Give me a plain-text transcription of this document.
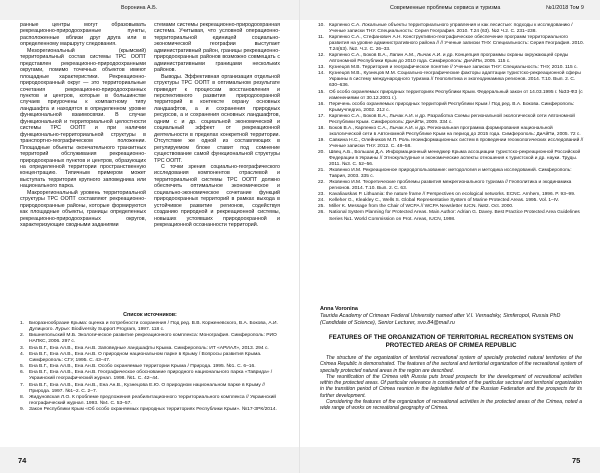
Воронина А.Б.

ранные центры могут образовывать рекреационно-природоохранные пункты, расположенные вблизи друг друга или в определенному маршруту следования.

Мезорегиональный (крымский) территориальный состав системы ТРС ООПТ представлен рекреационно-природоохранными округами, помимо точечных объектов имеют площадные характеристики. Рекреационно-природоохранный округ — это территориальные сочетания рекреационно-природоохранных пунктов и центров, которые в большинстве случаев приурочены к компактному типу ландшафта и находятся в определенном уровне функциональной взаимосвязи. В случае функциональной и территориальной целостности системы ТРС ООПТ и при наличии функционально-территориальной структуры в транспортно-географическом положении. Площадные объекты окончательного транзитных территорий обслуживания рекреационно-природоохранных пунктов и центров, образующих на определенной территории пространственную концентрацию. Типичным примером может выступать территория крупного заповедника или национального парка.

Макрорегиональный уровень территориальной структуры ТРС ООПТ составляют рекреационно-природоохранные районы, которые формируются как площадные объекты, границы определенных рекреационно-природоохранных округов, характеризующие сводными заданиями

стемами системы рекреационно-природоохранная система. Учитывая, что условной операционно-территориальной единицей социально-экономической географии выступает административный район, границы рекреационно-природоохранных районов возможно совмещать с административными границами нескольких районов.

Выводы. Эффективная организация отдельной структуры ТРС ООПТ в оптимальном результате приведет к процессам восстановления и перспективного развития природоохранной территорий в контексте охрану основных ландшафтов, а и сохранения природных ресурсов, а и сохранения основных ландшафтов, одним с и др. социальной экономической и социальный эффект от рекреационной деятельности в пределах конкретной территории. Отсутствие же одной из составляющих в регулируемом блоке ставит под сомнение существование самой функциональной структуры ТРС ООПТ.

С точки зрения социально-географического исследования компонентов отраслевой и территориальной системы ТРС ООПТ должно обеспечить оптимальное экономическое и социально-экономическое сочетание функций природоохранных территорий в рамках выхода в устойчивое развитие регионов, содействуя созданию природной и рекреационной системы, новыших устоявших природоохранной и рекреационной осознанности территорий.

Список источников:
1.	Биоразнообразие Крыма: оценка и потребности сохранения / Под ред. В.В. Корженевского, В.А. Бокова, А.И. Дулицкого. Лурье: Biodiversity Support Program, 1997. 118 с.
2.	Вишнепольский М.Б. Экологическое развитие рекреационного комплекса: Монография. Симферополь: РИО НАПКС, 2006. 297 с.
3.	Ена В.Г., Ена Ал.В., Ена Ан.В. Заповедные ландшафты Крыма. Симферополь: ИТ «АРИАЛ», 2013. 294 с.
4.	Ена В.Г., Ена Ал.В., Ена Ан.В. О природном национальном парке в Крыму / Вопросы развития Крыма. Симферополь: СГУ, 1995. С. 43–47.
5.	Ена В.Г., Ена Ал.В., Ена Ан.В. Особо охраняемые территории Крыма / Природа. 1995. №1. С. 6–16.
6.	Ена В.Г., Ена Ал.В., Ена Ан.В. Географическое обоснование природного национального парка «Таврида» / Украинский географический журнал. 1998. №1. С. 42–44.
7.	Ена В.Г., Ена Ал.В., Ена Ан.В., Ена Ан.В., Кузнецова Е.Ю. О природном национальном парке в Крыму // Природа. 1997. №1–2. С. 2–7.
8.	Жидуновская Л.О. К проблеме предложения реабилитационного территориального комплекса // Украинский географический журнал. 1993. №4. С. 53–57.
9.	Закон Республики Крым «Об особо охраняемых природных территориях Республики Крым». №17-ЗРК/2014.
74
Современные проблемы сервиса и туризма	№1/2018 Том 9
10. Карпенко С.А. Локальные объекты территориального управления и как лесистые: подходы к исследованию / Ученые записки ТНУ. Специальность: Серия География. 2010. Т.24 (63). №2 Ч.2. С. 231–238.
11. Карпенко С.А., Стефанович А.Н. Конструктивно-географическое обеспечение программ территориального развития на уровне административного района // // Ученые записки ТНУ. Специальность: Серия География. 2010. Т.24(63). №2. Ч.2. С. 26–33.
12. Карпенко С.А., Боков В.А., Лапин А.М., Лычак А.И. и др. Концепция программы охраны окружающей среды Автономной Республики Крым до 2010 года. Симферополь: ДиАйПи, 2005. 115 с.
13. Кузнецов М.В. Территория и географическое понятие // Ученые записки ТНУ: Специальность: ТНУ, 2010. 115 с.
14. Кузнецов М.В., Кузнецов М.М. Социально-географические факторы адаптации туристско-рекреационной сферы Украины в систему международного туризма // Геополитика и экогеодинамика регионов. 2014. Т.10. Вып. 2. С. 630–636.
15. Об особо охраняемых природных территориях Республики Крым. Федеральный закон от 14.03.1995 г. №33-ФЗ (с изменениями от 30.12.2001 г.).
16. Перечень особо охраняемых природных территорий Республики Крым / Под ред. В.А. Бокова. Симферополь: Крымучпедгиз, 2002. 212 с.
17. Карпенко С.А., Боков В.А., Лычак А.И. и др. Разработка Схемы региональной экологической сети Автономной Республики Крым. Симферополь: ДиАйПи, 2009. 334 с.
18. Боков В.А., Карпенко С.А., Лычак А.И. и др. Региональная программа формирования национальной экологической сети в Автономной Республике Крым на период до 2015 года. Симферополь: ДиАйПи, 2005. 72 с.
19. Савкина Н.С., Олейников М.П. Роль геоинформационных систем в проведении геоэкологических исследований // Ученые записки ТНУ. 2012. С. 48–58.
20. Швец А.Б., Большак Д.А. Информационный менеджер Крыма ассоциации туристско-рекреационной Российской Федерации в Украины // Этнокультурные и экономические аспекты отношения к туристской и др. науки. Труды. 2011. №3. С. 52–56.
21. Яковенко И.М. Рекреационное природопользование: методология и методика исследований. Симферополь: Таврия, 2003. 335 с.
22. Яковенко И.М. Теоретические проблемы развития межрегионального туризма // Геополитика и экодинамика регионов. 2014. Т.10. Вып. 2. С. 63.
23. Kavaliauskas P. Lithuania: the nature frame // Perspectives on ecological networks. ECNC. Arnhem, 1996. P. 93–99.
24. Kelleher G., Kleakley C., Wells S. Global Representative System of Marine Protected Areas. 1995. Vol. 1–IV.
25. Miller K. Message from the Chair of WCPA // WCPA Newsletter IUCN. №82. Oct. 2000.
26. National System Planning for Protected Areas. Main Author: Adrian G. Davey. Best Practice Protected Area Guidelines Series №1. World Commission on Prot. Areas, IUCN, 1998.
Anna Voronina
Taurida Academy of Crimean Federal University named after V.I. Vernadsky, Simferopol, Russia PhD (Candidate of Science), Senior Lecturer, svo.84@mail.ru
FEATURES OF THE ORGANIZATION OF TERRITORIAL RECREATION SYSTEMS ON PROTECTED AREAS OF CRIMEA REPUBLIC

The structure of the organization of territorial recreational system of specially protected natural territories of the Crimea Republic is demonstrated. The features of the sectoral and territorial organization of the recreational system of specially protected natural areas in the region are described.

The reunification of the Crimea with Russia puts broad prospects for the development of recreational activities within the protected areas. Of particular relevance is consideration of the particular sectoral and territorial organization in the transition period of Crimea reunion in the legislative field of the Russian Federation and the prospects for its further development.

Considering the features of the organization of recreational activities in the protected areas of the Crimea, noted a wide range of works on recreational geography of Crimea.

75
